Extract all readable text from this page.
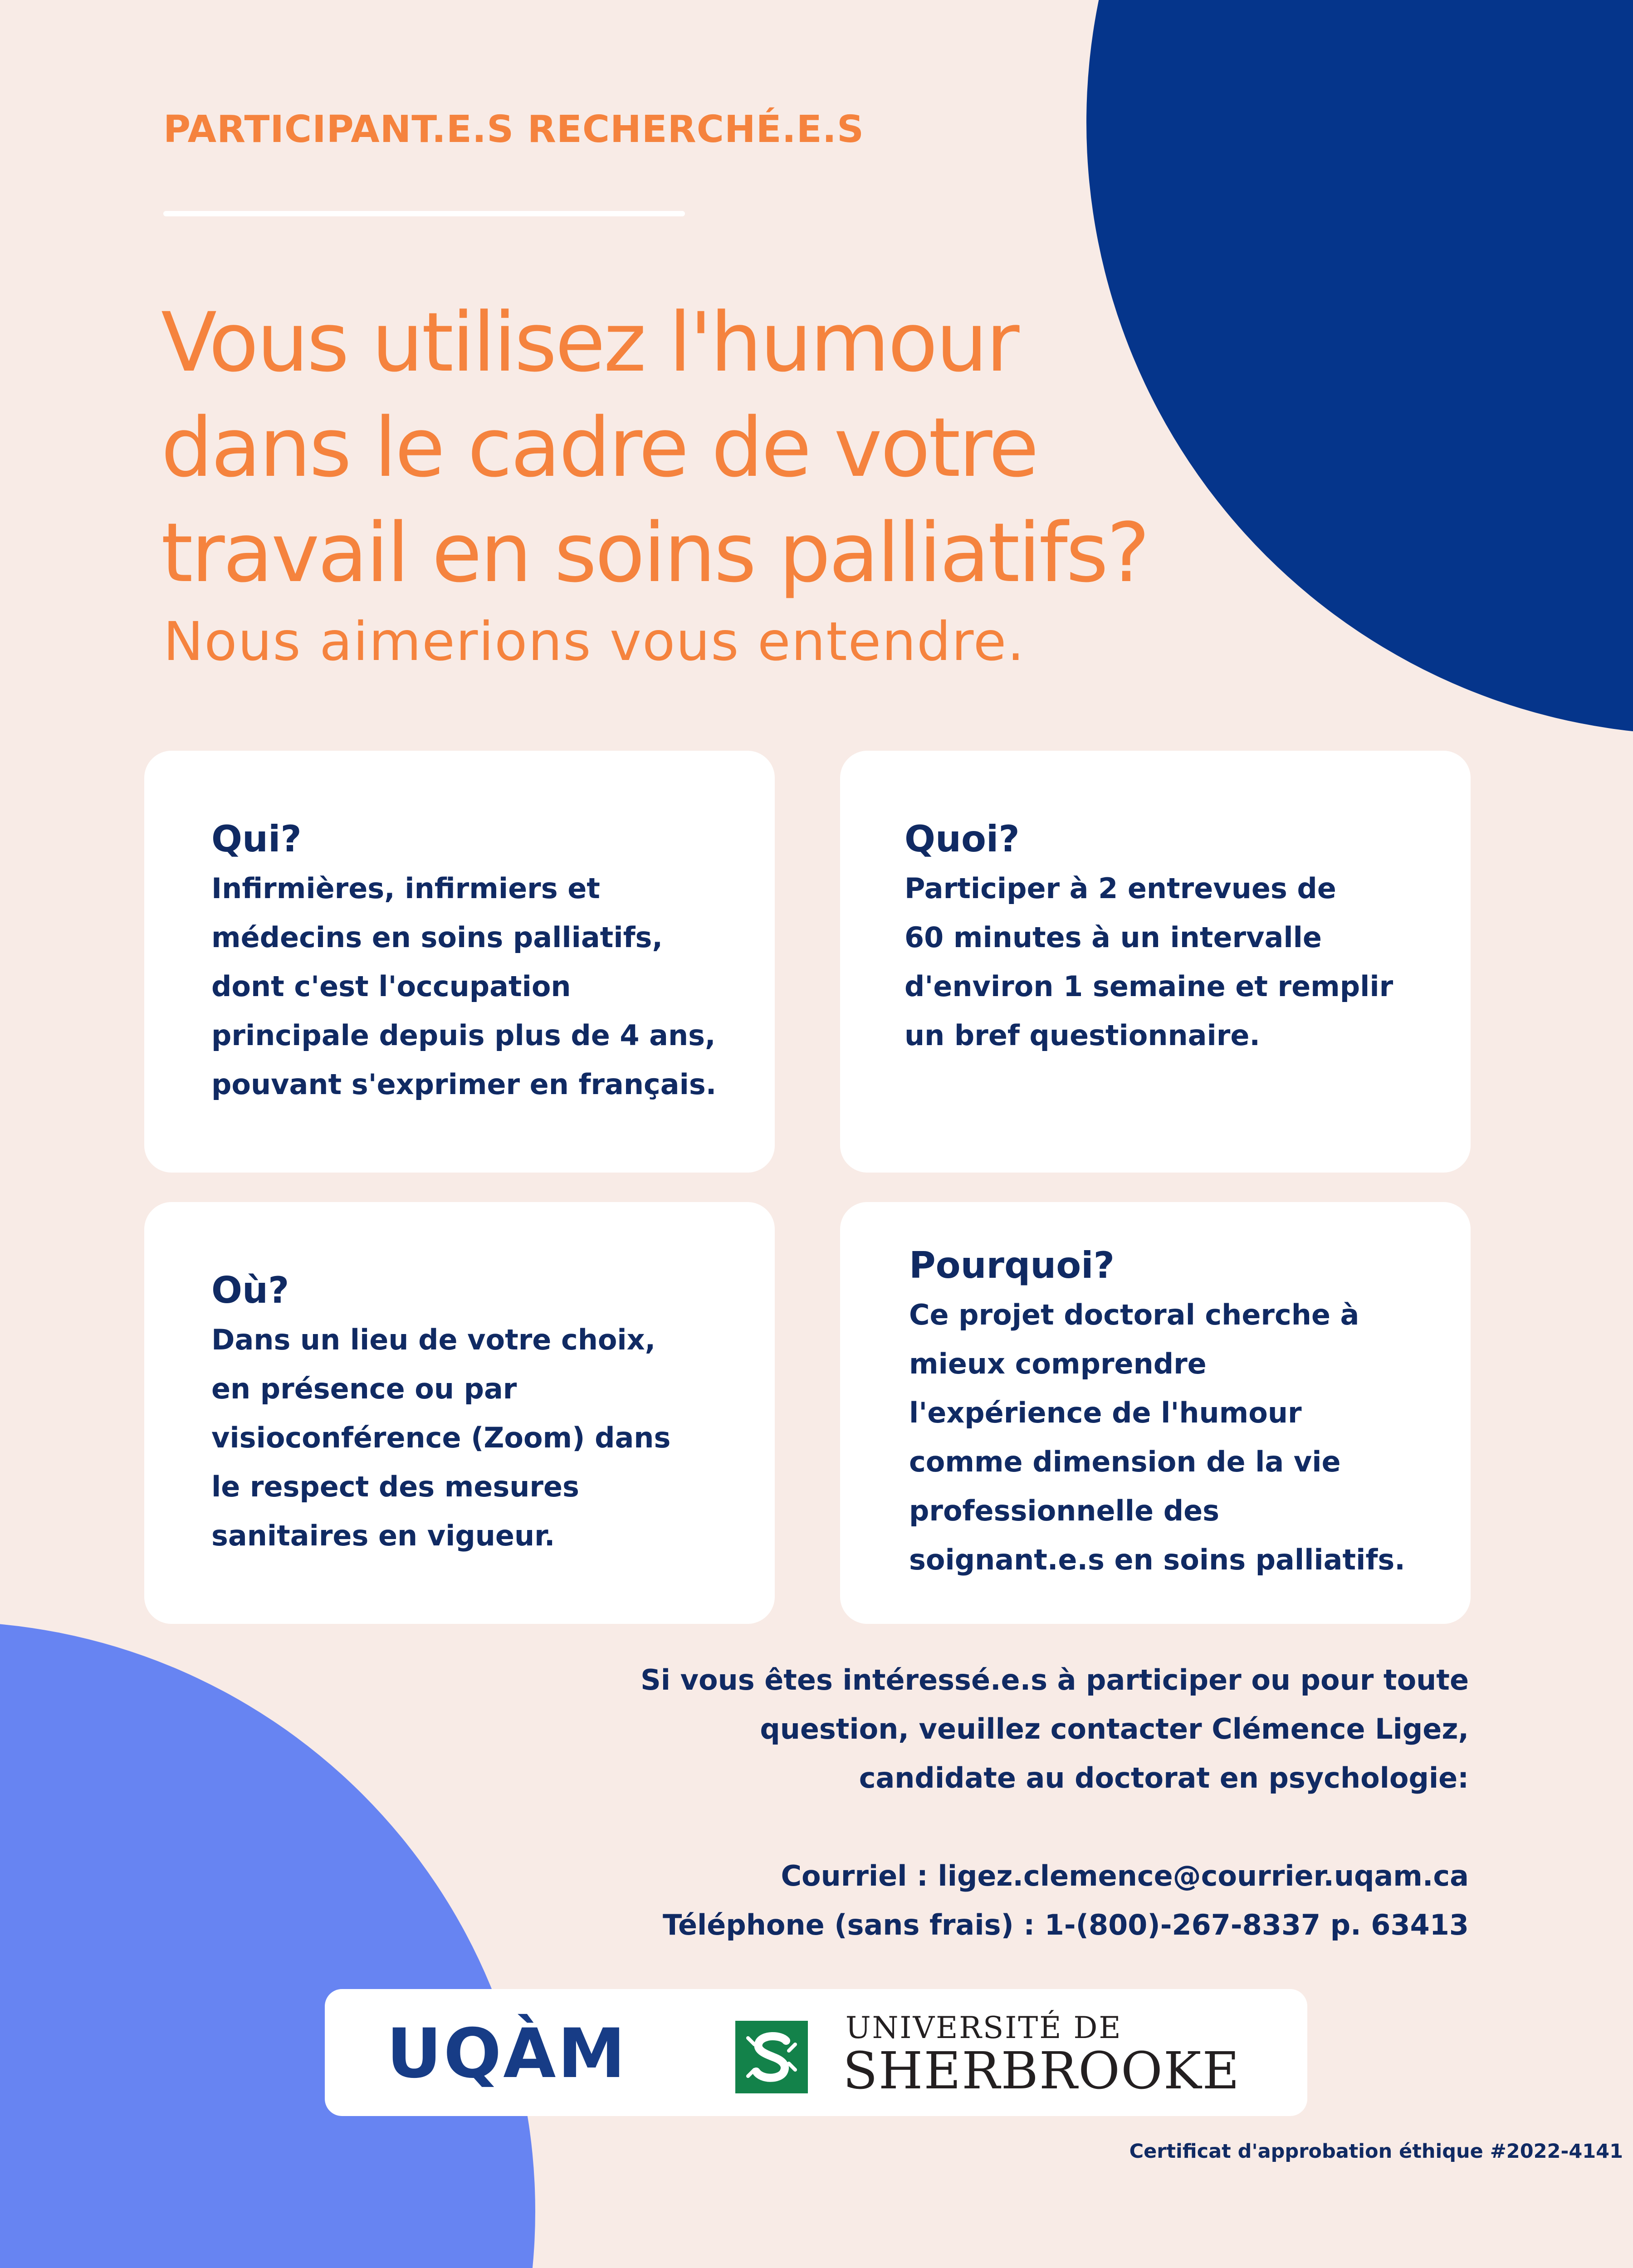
PARTICIPANT.E.S RECHERCHÉ.E.S
Vous utilisez l'humour
dans le cadre de votre
travail en soins palliatifs?
Nous aimerions vous entendre.
Qui?
Infirmières, infirmiers et
médecins en soins palliatifs,
dont c'est l'occupation
principale depuis plus de 4 ans,
pouvant s'exprimer en français.
Quoi?
Participer à 2 entrevues de
60 minutes à un intervalle
d'environ 1 semaine et remplir
un bref questionnaire.
Où?
Dans un lieu de votre choix,
en présence ou par
visioconférence (Zoom) dans
le respect des mesures
sanitaires en vigueur.
Pourquoi?
Ce projet doctoral cherche à
mieux comprendre
l'expérience de l'humour
comme dimension de la vie
professionnelle des
soignant.e.s en soins palliatifs.
Si vous êtes intéressé.e.s à participer ou pour toute
question, veuillez contacter Clémence Ligez,
candidate au doctorat en psychologie:
Courriel : ligez.clemence@courrier.uqam.ca
Téléphone (sans frais) : 1-(800)-267-8337 p. 63413
UQÀM	UNIVERSITÉ DE
SHERBROOKE
Certificat d'approbation éthique #2022-4141
